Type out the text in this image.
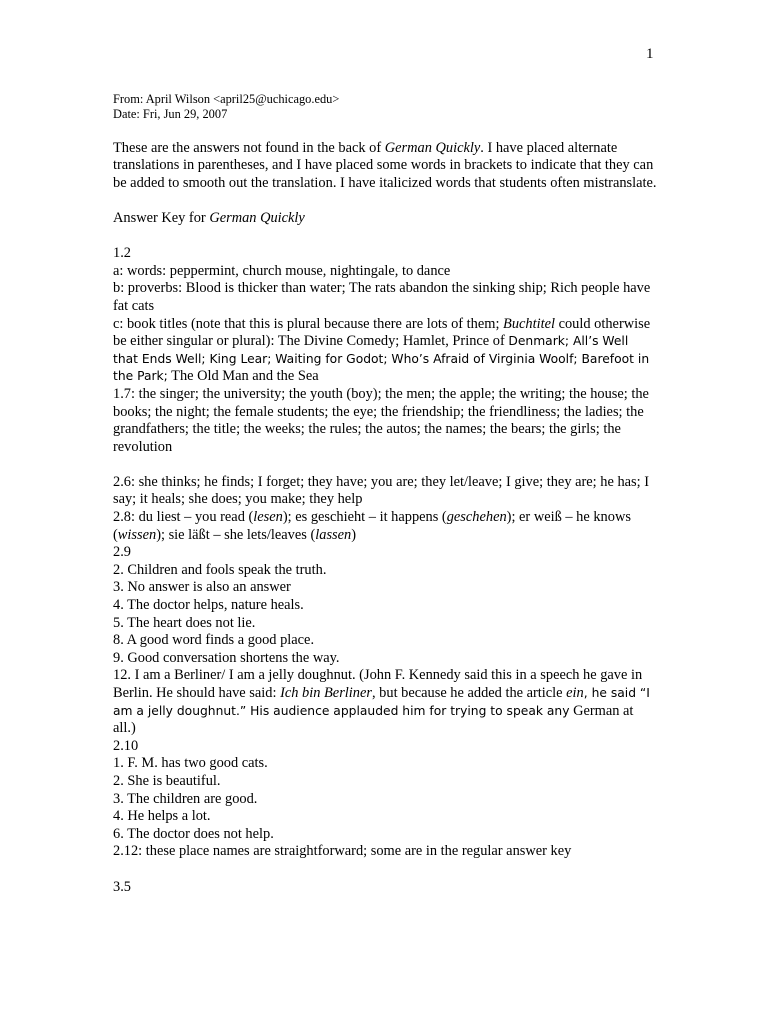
1

From: April Wilson <april25@uchicago.edu>

Date: Fri, Jun 29, 2007

These are the answers not found in the back of German Quickly. I have placed alternate translations in parentheses, and I have placed some words in brackets to indicate that they can be added to smooth out the translation. I have italicized words that students often mistranslate.

Answer Key for German Quickly

1.2

a: words: peppermint, church mouse, nightingale, to dance

b: proverbs: Blood is thicker than water; The rats abandon the sinking ship; Rich people have fat cats

c: book titles (note that this is plural because there are lots of them; Buchtitel could otherwise be either singular or plural): The Divine Comedy; Hamlet, Prince of Denmark; All’s Well that Ends Well; King Lear; Waiting for Godot; Who’s Afraid of Virginia Woolf; Barefoot in the Park; The Old Man and the Sea

1.7: the singer; the university; the youth (boy); the men; the apple; the writing; the house; the books; the night; the female students; the eye; the friendship; the friendliness; the ladies; the grandfathers; the title; the weeks; the rules; the autos; the names; the bears; the girls; the revolution

2.6: she thinks; he finds; I forget; they have; you are; they let/leave; I give; they are; he has; I say; it heals; she does; you make; they help

2.8: du liest – you read (lesen); es geschieht – it happens (geschehen); er weiß – he knows (wissen); sie läßt – she lets/leaves (lassen)

2.9

2. Children and fools speak the truth.

3. No answer is also an answer

4. The doctor helps, nature heals.

5. The heart does not lie.

8. A good word finds a good place.

9. Good conversation shortens the way.

12. I am a Berliner/ I am a jelly doughnut. (John F. Kennedy said this in a speech he gave in Berlin. He should have said: Ich bin Berliner, but because he added the article ein, he said “I am a jelly doughnut.” His audience applauded him for trying to speak any German at all.)

2.10

1. F. M. has two good cats.

2. She is beautiful.

3. The children are good.

4. He helps a lot.

6. The doctor does not help.

2.12: these place names are straightforward; some are in the regular answer key

3.5
